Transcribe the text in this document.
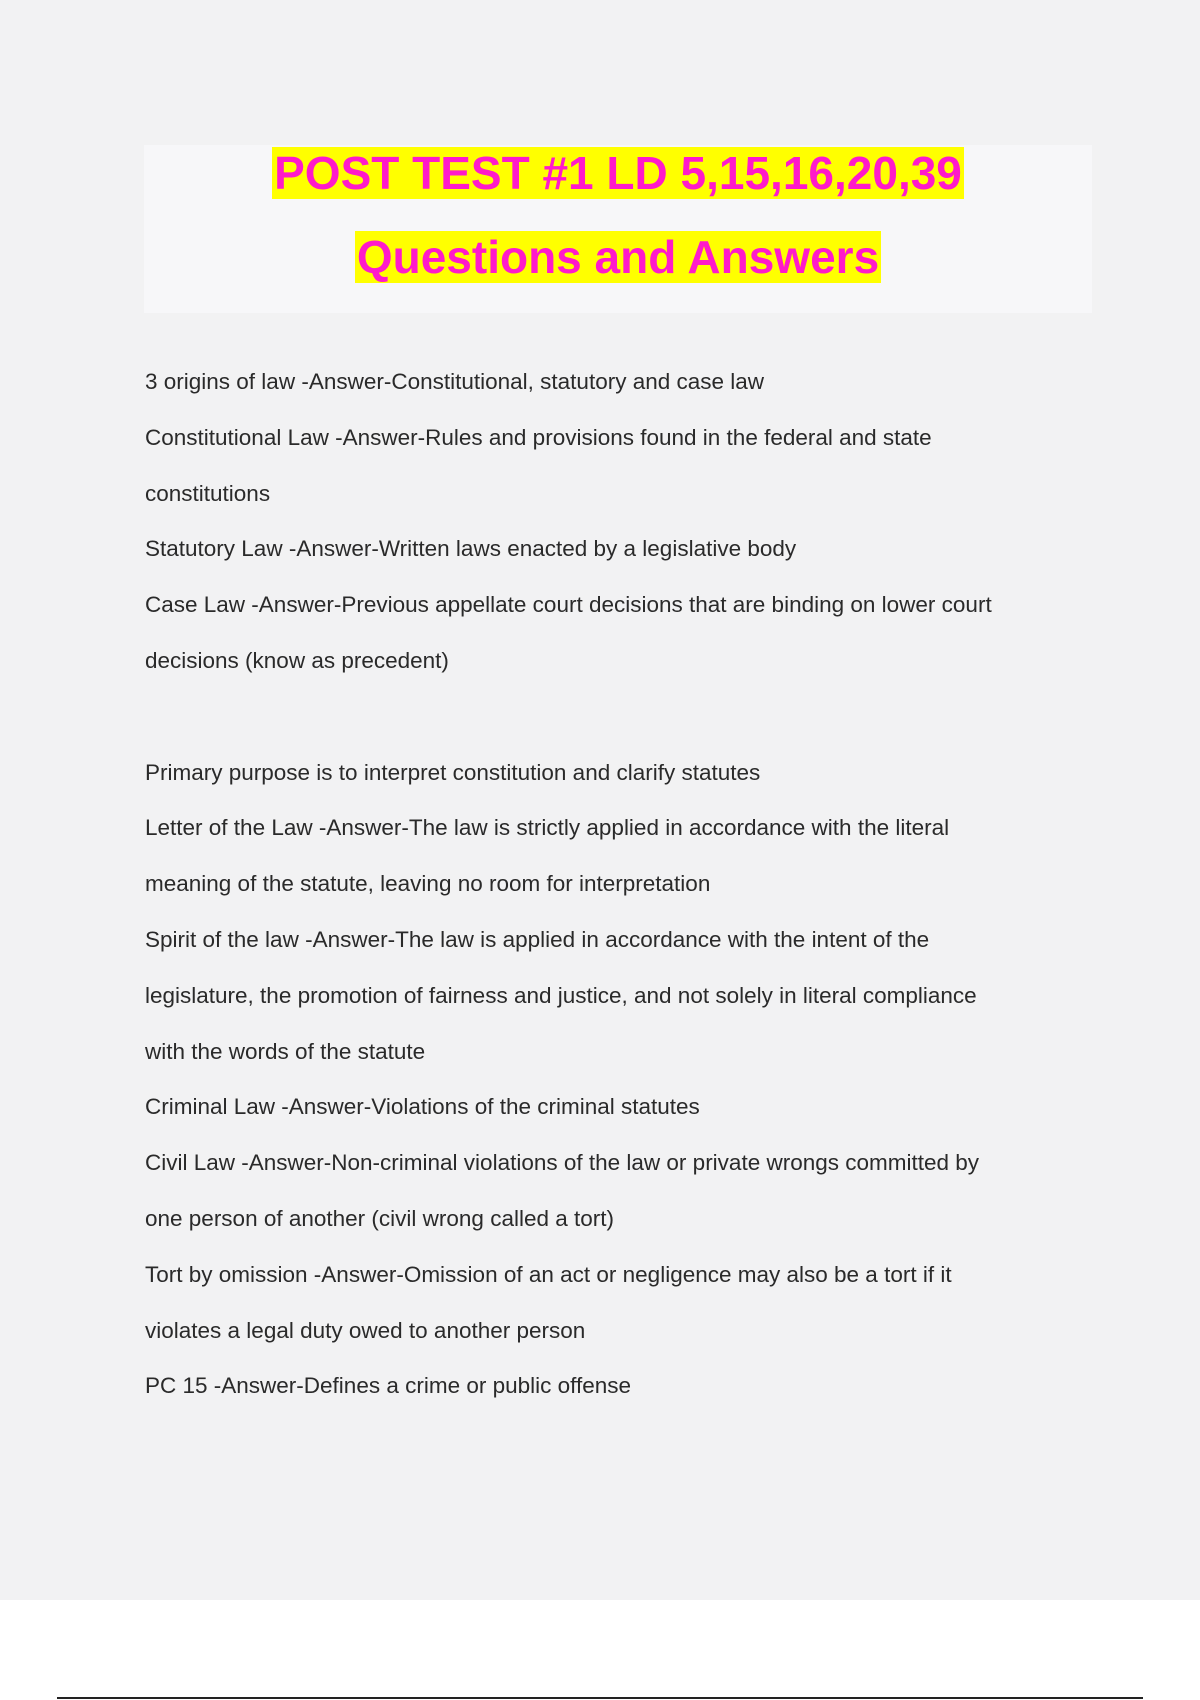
POST TEST #1 LD 5,15,16,20,39
Questions and Answers
3 origins of law -Answer-Constitutional, statutory and case law
Constitutional Law -Answer-Rules and provisions found in the federal and state
constitutions
Statutory Law -Answer-Written laws enacted by a legislative body
Case Law -Answer-Previous appellate court decisions that are binding on lower court
decisions (know as precedent)
Primary purpose is to interpret constitution and clarify statutes
Letter of the Law -Answer-The law is strictly applied in accordance with the literal
meaning of the statute, leaving no room for interpretation
Spirit of the law -Answer-The law is applied in accordance with the intent of the
legislature, the promotion of fairness and justice, and not solely in literal compliance
with the words of the statute
Criminal Law -Answer-Violations of the criminal statutes
Civil Law -Answer-Non-criminal violations of the law or private wrongs committed by
one person of another (civil wrong called a tort)
Tort by omission -Answer-Omission of an act or negligence may also be a tort if it
violates a legal duty owed to another person
PC 15 -Answer-Defines a crime or public offense
